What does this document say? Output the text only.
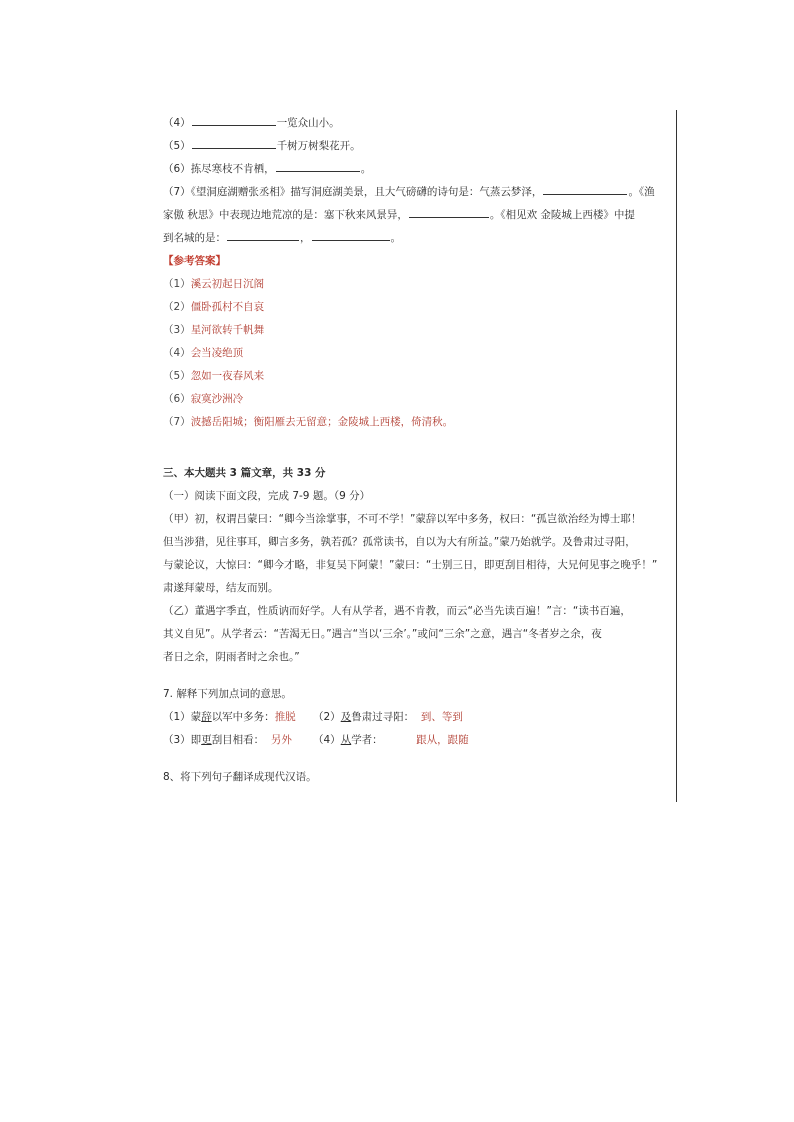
（4）	一览众山小。
（5）	千树万树梨花开。
（6）拣尽寒枝不肯栖，	。
（7）《望洞庭湖赠张丞相》描写洞庭湖美景，且大气磅礴的诗句是：气蒸云梦泽，	。《渔
家傲 秋思》中表现边地荒凉的是：塞下秋来风景异，	。《相见欢 金陵城上西楼》中提
到名城的是：	，	。
【参考答案】
（1）溪云初起日沉阁
（2）僵卧孤村不自哀
（3）星河欲转千帆舞
（4）会当凌绝顶
（5）忽如一夜春风来
（6）寂寞沙洲冷
（7）波撼岳阳城；衡阳雁去无留意；金陵城上西楼，倚清秋。
三、本大题共 3 篇文章，共 33 分
（一）阅读下面文段，完成 7-9 题。（9 分）
（甲）初，权谓吕蒙曰：“卿今当涂掌事，不可不学！”蒙辞以军中多务，权曰：“孤岂欲治经为博士耶！
但当涉猎，见往事耳，卿言多务，孰若孤？孤常读书，自以为大有所益。”蒙乃始就学。及鲁肃过寻阳，
与蒙论议，大惊曰：“卿今才略，非复吴下阿蒙！”蒙曰：“士别三日，即更刮目相待，大兄何见事之晚乎！”
肃遂拜蒙母，结友而别。
（乙）董遇字季直，性质讷而好学。人有从学者，遇不肯教，而云“必当先读百遍！”言：“读书百遍，
其义自见”。从学者云：“苦渴无日。”遇言“当以‘三余’。”或问“三余”之意，遇言“冬者岁之余，夜
者日之余，阴雨者时之余也。”
7. 解释下列加点词的意思。
（1）蒙辞以军中多务：推脱 （2）及鲁肃过寻阳： 到、等到
（3）即更刮目相看： 另外 （4）从学者：	跟从，跟随
8、将下列句子翻译成现代汉语。
